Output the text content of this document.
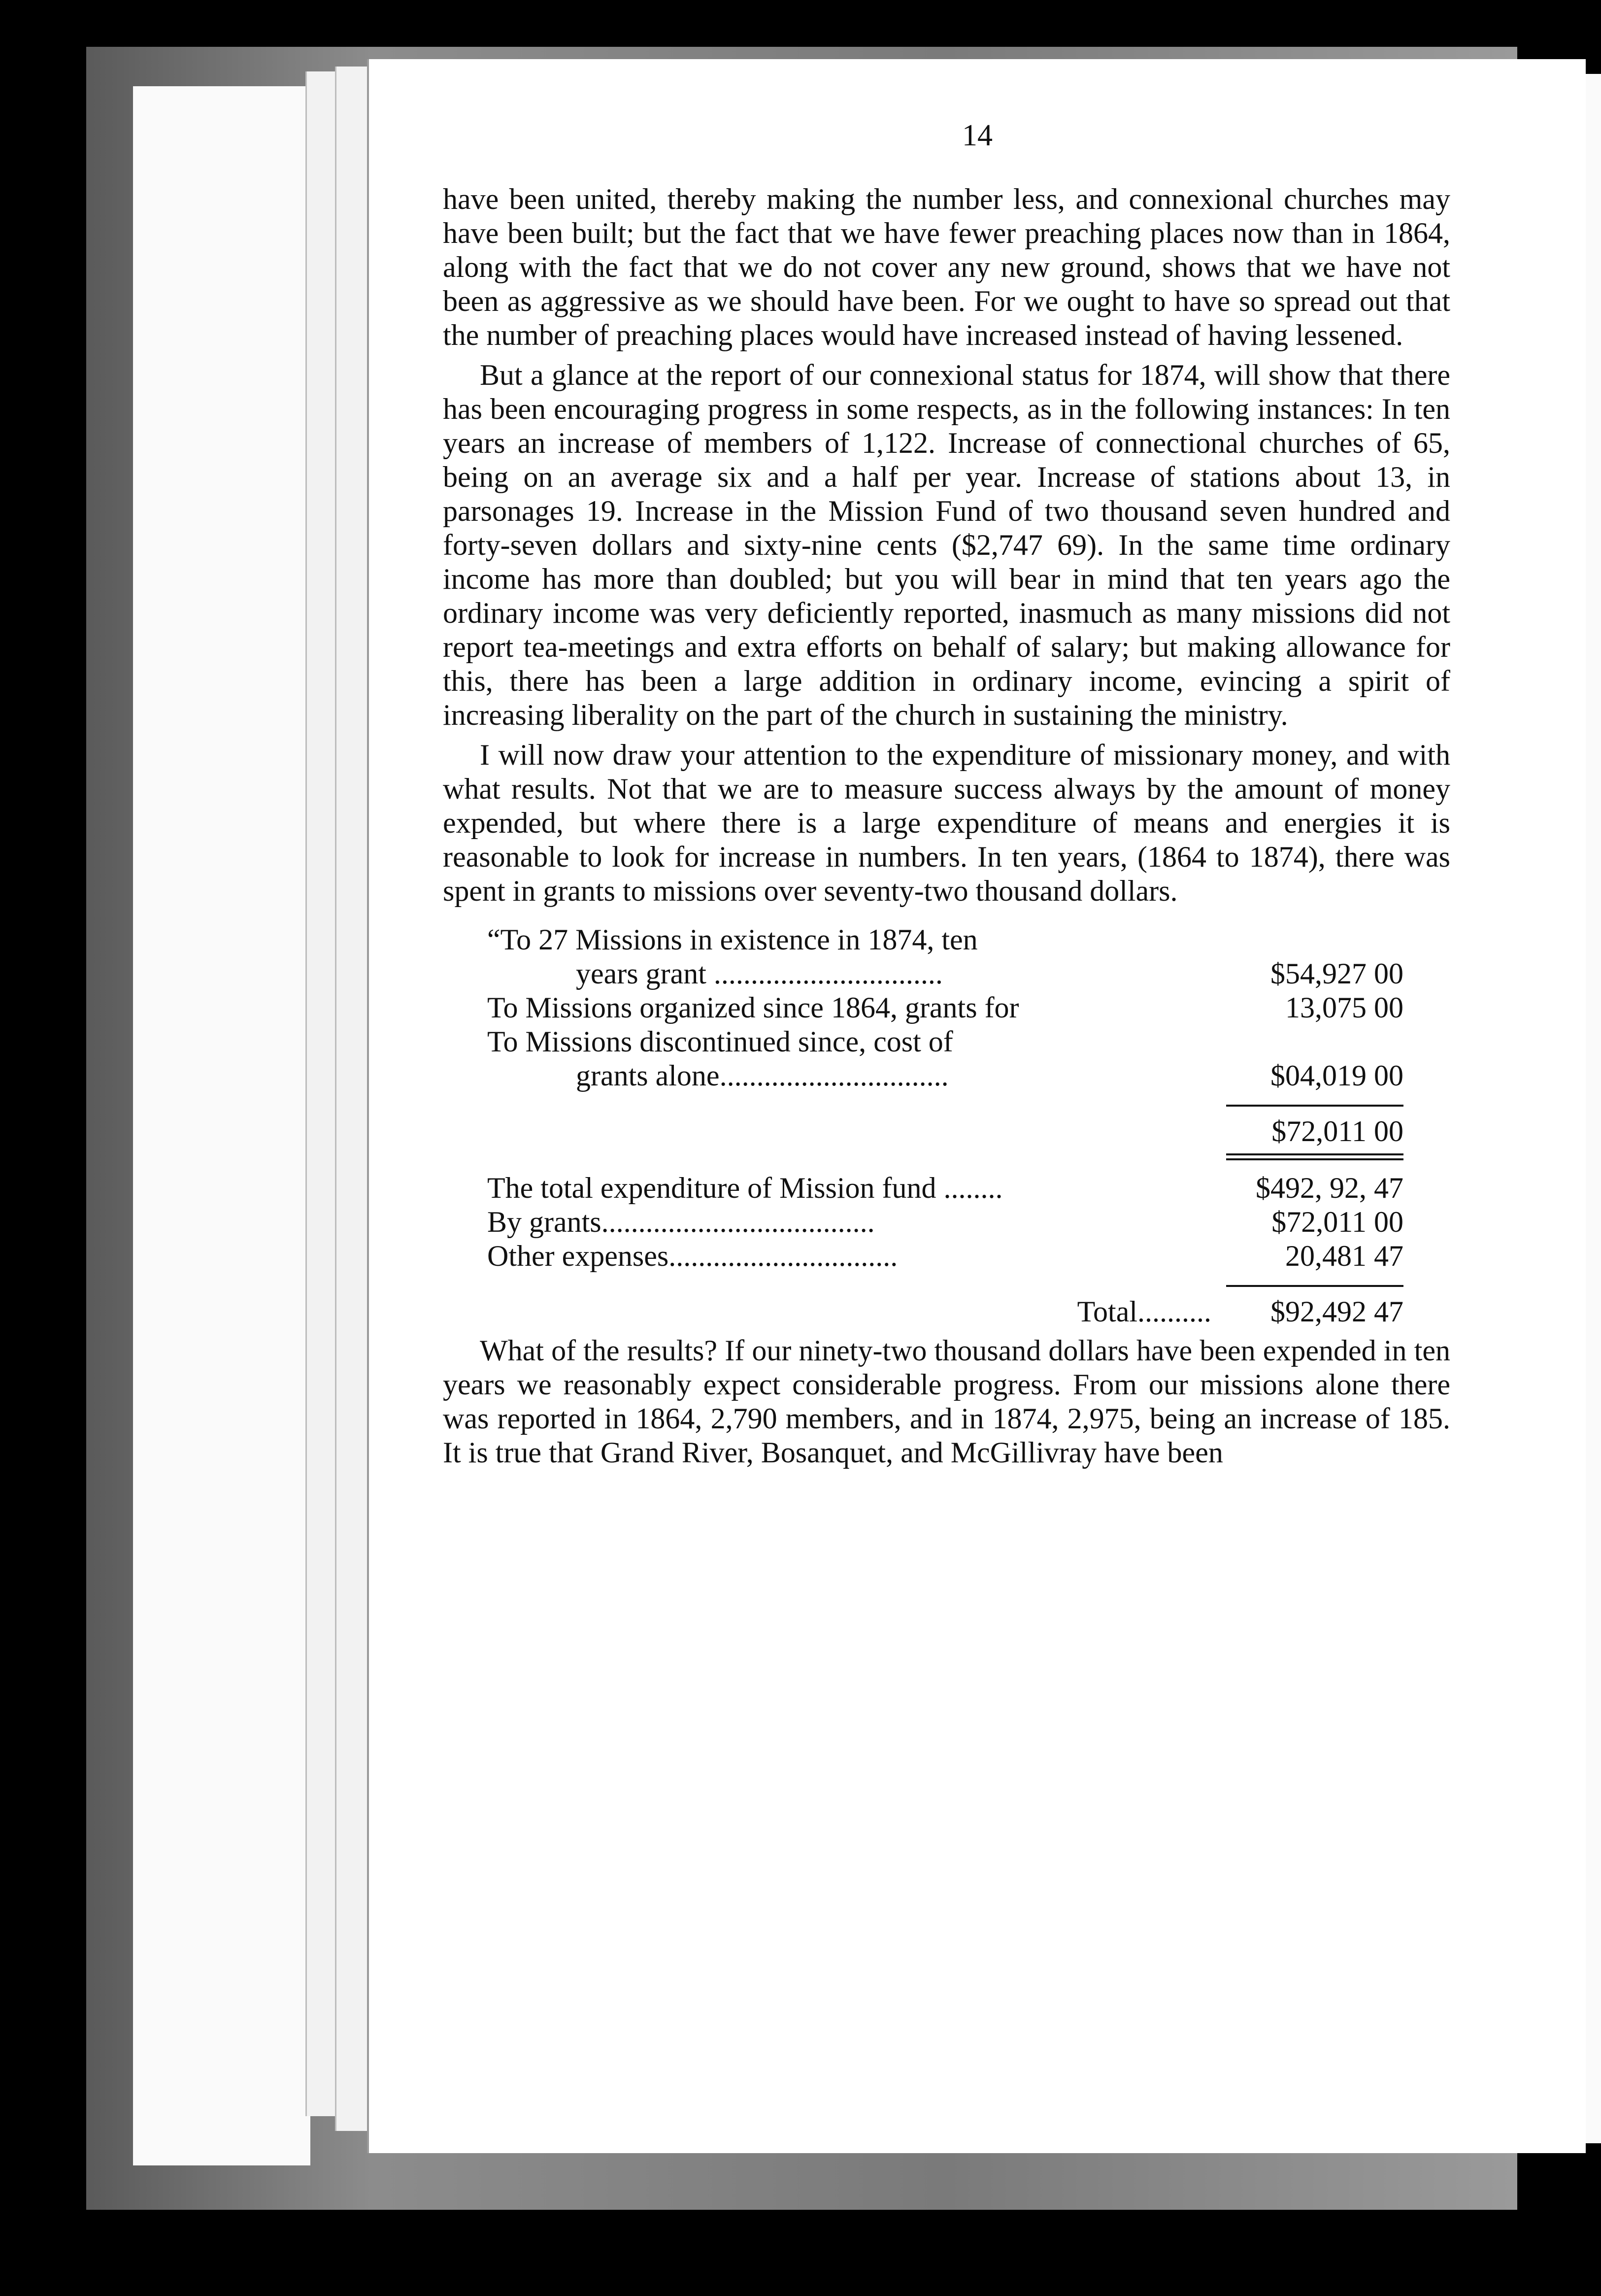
14

have been united, thereby making the number less, and connexional churches may have been built; but the fact that we have fewer preaching places now than in 1864, along with the fact that we do not cover any new ground, shows that we have not been as aggressive as we should have been. For we ought to have so spread out that the number of preaching places would have increased instead of having lessened.

But a glance at the report of our connexional status for 1874, will show that there has been encouraging progress in some respects, as in the following instances: In ten years an increase of members of 1,122. Increase of connectional churches of 65, being on an average six and a half per year. Increase of stations about 13, in parsonages 19. Increase in the Mission Fund of two thousand seven hundred and forty-seven dollars and sixty-nine cents ($2,747 69). In the same time ordinary income has more than doubled; but you will bear in mind that ten years ago the ordinary income was very deficiently reported, inasmuch as many missions did not report tea-meetings and extra efforts on behalf of salary; but making allowance for this, there has been a large addition in ordinary income, evincing a spirit of increasing liberality on the part of the church in sustaining the ministry.

I will now draw your attention to the expenditure of missionary money, and with what results. Not that we are to measure success always by the amount of money expended, but where there is a large expenditure of means and energies it is reasonable to look for increase in numbers. In ten years, (1864 to 1874), there was spent in grants to missions over seventy-two thousand dollars.

“To 27 Missions in existence in 1874, ten
years grant ...............................	$54,927 00
To Missions organized since 1864, grants for	13,075 00
To Missions discontinued since, cost of
grants alone...............................	$04,019 00
$72,011 00
The total expenditure of Mission fund ........	$492, 92, 47
By grants.....................................	$72,011 00
Other expenses...............................	20,481 47
Total..........	$92,492 47

What of the results? If our ninety-two thousand dollars have been expended in ten years we reasonably expect considerable progress. From our missions alone there was reported in 1864, 2,790 members, and in 1874, 2,975, being an increase of 185. It is true that Grand River, Bosanquet, and McGillivray have been
